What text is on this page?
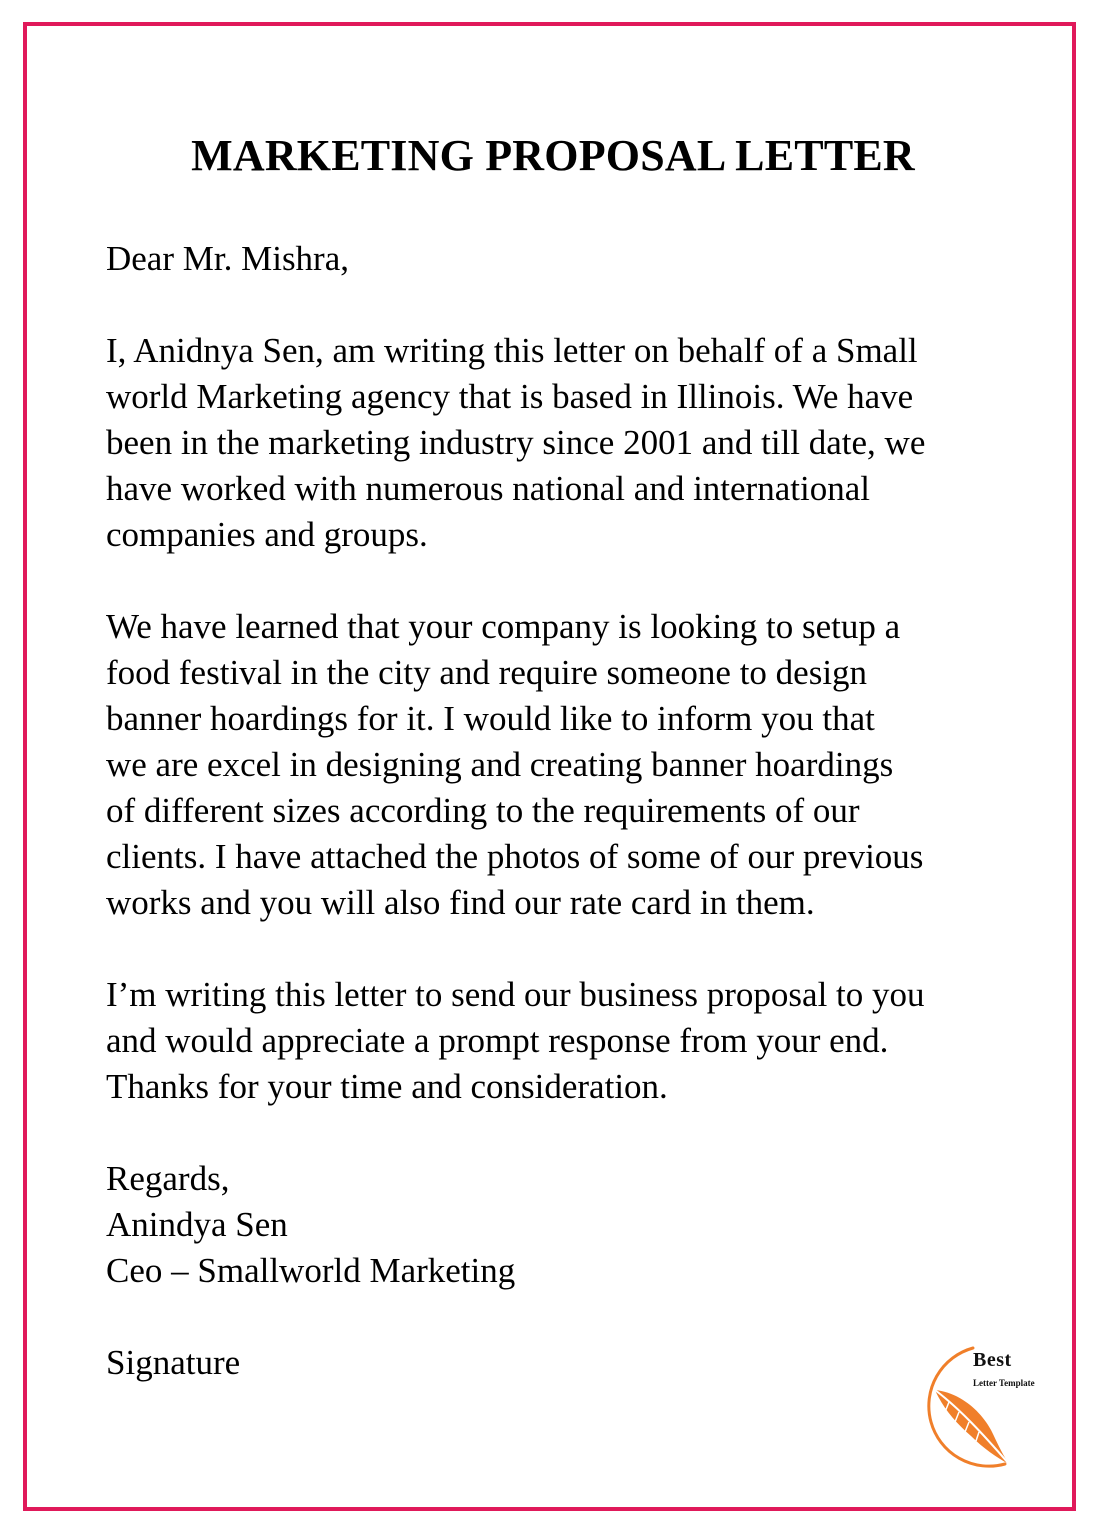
MARKETING PROPOSAL LETTER

Dear Mr. Mishra,

I, Anidnya Sen, am writing this letter on behalf of a Small
world Marketing agency that is based in Illinois. We have
been in the marketing industry since 2001 and till date, we
have worked with numerous national and international
companies and groups.

We have learned that your company is looking to setup a
food festival in the city and require someone to design
banner hoardings for it. I would like to inform you that
we are excel in designing and creating banner hoardings
of different sizes according to the requirements of our
clients. I have attached the photos of some of our previous
works and you will also find our rate card in them.

I’m writing this letter to send our business proposal to you
and would appreciate a prompt response from your end.
Thanks for your time and consideration.

Regards,
Anindya Sen
Ceo – Smallworld Marketing

Signature	Best
Letter Template
